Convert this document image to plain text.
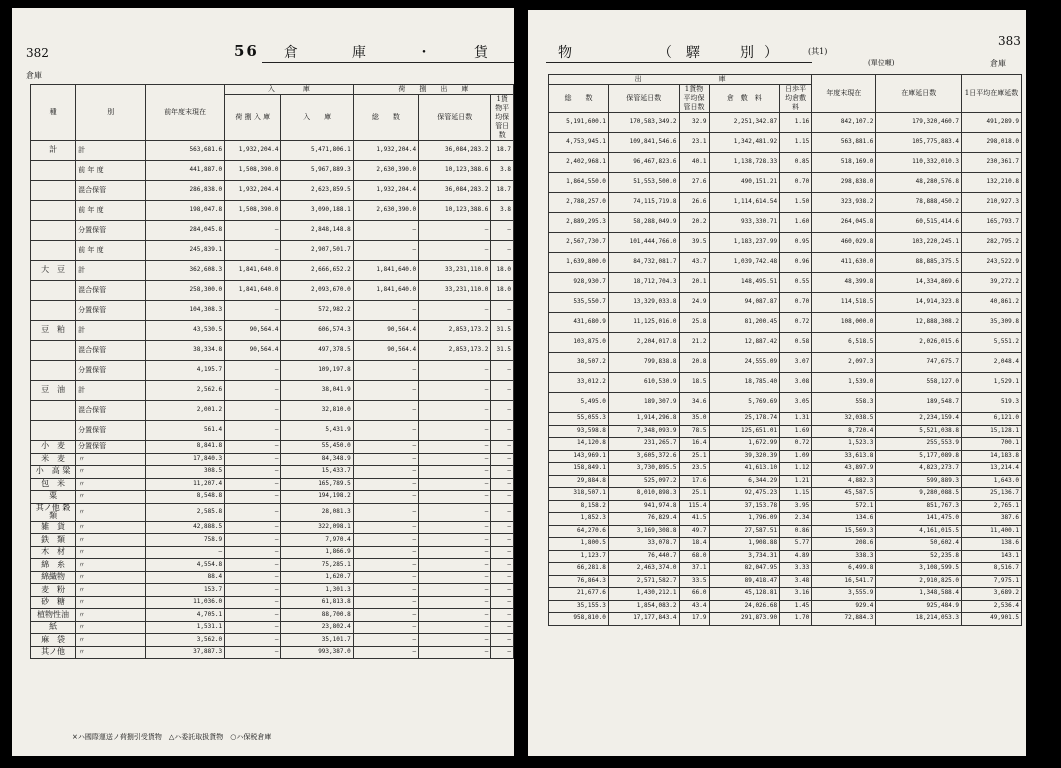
382	56 倉	庫	・	貨
倉庫
種	別	前年度末現在	入　　　　庫		荷　　捌　　出　　庫		
			荷 捌 入 庫	入　　庫	総　　数	保管延日数	1貨物平均保管日数
計	計	563,681.6	1,932,204.4	5,471,806.1	1,932,204.4	36,084,283.2	18.7
	前 年 度	441,887.0	1,508,390.0	5,967,889.3	2,630,390.0	10,123,388.6	3.8
	混合保管	286,838.0	1,932,204.4	2,623,859.5	1,932,204.4	36,084,283.2	18.7
	前 年 度	198,047.8	1,508,390.0	3,090,188.1	2,630,390.0	10,123,388.6	3.8
	分置保管	284,045.8	—	2,848,148.8	—	—	—
	前 年 度	245,839.1	—	2,907,501.7	—	—	—
大　豆	計	362,608.3	1,841,640.0	2,666,652.2	1,841,640.0	33,231,110.0	18.0
	混合保管	258,300.0	1,841,640.0	2,093,670.0	1,841,640.0	33,231,110.0	18.0
	分置保管	104,308.3	—	572,982.2	—	—	—
豆　粕	計	43,530.5	90,564.4	606,574.3	90,564.4	2,853,173.2	31.5
	混合保管	38,334.8	90,564.4	497,378.5	90,564.4	2,853,173.2	31.5
	分置保管	4,195.7	—	109,197.8	—	—	—
豆　油	計	2,562.6	—	38,041.9	—	—	—
	混合保管	2,001.2	—	32,810.0	—	—	—
	分置保管	561.4	—	5,431.9	—	—	—
小　麦	分置保管	8,841.8	—	55,450.0	—	—	—
米　麦	〃	17,840.3	—	84,348.9	—	—	—
小　高 粱	〃	308.5	—	15,433.7	—	—	—
包　米	〃	11,207.4	—	165,789.5	—	—	—
粟	〃	8,548.8	—	194,198.2	—	—	—
其ノ他 穀類	〃	2,585.8	—	28,081.3	—	—	—
雑　貨	〃	42,888.5	—	322,098.1	—	—	—
鉄　類	〃	758.9	—	7,970.4	—	—	—
木　材	〃	—	—	1,866.9	—	—	—
綿　糸	〃	4,554.8	—	75,285.1	—	—	—
綿織物	〃	88.4	—	1,620.7	—	—	—
麦　粉	〃	153.7	—	1,301.3	—	—	—
砂　糖	〃	11,036.0	—	61,813.8	—	—	—
植物性油	〃	4,705.1	—	88,700.8	—	—	—
紙	〃	1,531.1	—	23,802.4	—	—	—
麻　袋	〃	3,562.0	—	35,101.7	—	—	—
其ノ他	〃	37,887.3	—	993,387.0	—	—	—
×ハ國際運送ノ荷捌引受貨物　△ハ委託取扱貨物　○ハ保税倉庫
物	（ 驛	別 ）	(其1)
383
(單位噸)	倉庫
出　　　　　　　　　　　庫					年度末現在	在庫延日数	1日平均在庫延数
総　　数	保管延日数	1貨物平均保管日数	倉　敷　料	日歩平均倉敷料			
5,191,600.1	170,583,349.2	32.9	2,251,342.87	1.16	842,107.2	179,320,460.7	491,289.9
4,753,945.1	109,841,546.6	23.1	1,342,481.92	1.15	563,881.6	105,775,883.4	298,018.0
2,402,968.1	96,467,823.6	40.1	1,138,728.33	0.85	518,169.0	110,332,010.3	230,361.7
1,864,550.0	51,553,500.0	27.6	490,151.21	0.70	298,838.0	48,280,576.8	132,210.8
2,788,257.0	74,115,719.8	26.6	1,114,614.54	1.50	323,938.2	78,888,450.2	210,927.3
2,889,295.3	58,288,049.9	20.2	933,330.71	1.60	264,045.8	60,515,414.6	165,793.7
2,567,730.7	101,444,766.0	39.5	1,183,237.99	0.95	460,029.8	103,220,245.1	282,795.2
1,639,800.0	84,732,081.7	43.7	1,039,742.48	0.96	411,630.0	88,885,375.5	243,522.9
928,930.7	18,712,704.3	20.1	148,495.51	0.55	48,399.8	14,334,869.6	39,272.2
535,550.7	13,329,033.8	24.9	94,087.87	0.70	114,518.5	14,914,323.8	40,861.2
431,680.9	11,125,016.0	25.8	81,200.45	0.72	108,000.0	12,888,308.2	35,309.8
103,875.0	2,204,017.8	21.2	12,887.42	0.58	6,518.5	2,026,015.6	5,551.2
38,507.2	799,838.8	20.8	24,555.09	3.07	2,097.3	747,675.7	2,048.4
33,012.2	610,530.9	18.5	18,785.40	3.08	1,539.0	558,127.0	1,529.1
5,495.0	189,307.9	34.6	5,769.69	3.05	558.3	189,548.7	519.3
55,055.3	1,914,296.8	35.0	25,178.74	1.31	32,038.5	2,234,159.4	6,121.0
93,598.8	7,348,093.9	78.5	125,651.01	1.69	8,720.4	5,521,038.8	15,128.1
14,120.8	231,265.7	16.4	1,672.99	0.72	1,523.3	255,553.9	700.1
143,969.1	3,605,372.6	25.1	39,320.39	1.09	33,613.8	5,177,089.8	14,183.8
158,849.1	3,730,895.5	23.5	41,613.10	1.12	43,897.9	4,823,273.7	13,214.4
29,884.8	525,097.2	17.6	6,344.29	1.21	4,882.3	599,889.3	1,643.0
318,507.1	8,010,898.3	25.1	92,475.23	1.15	45,587.5	9,280,088.5	25,136.7
8,158.2	941,974.8	115.4	37,153.78	3.95	572.1	851,767.3	2,765.1
1,852.3	76,829.4	41.5	1,796.09	2.34	134.6	141,475.0	387.6
64,270.6	3,169,308.8	49.7	27,587.51	0.86	15,569.3	4,161,015.5	11,400.1
1,800.5	33,078.7	18.4	1,908.88	5.77	208.6	50,602.4	138.6
1,123.7	76,440.7	68.0	3,734.31	4.89	338.3	52,235.8	143.1
66,281.8	2,463,374.0	37.1	82,047.95	3.33	6,499.8	3,108,599.5	8,516.7
76,864.3	2,571,582.7	33.5	89,418.47	3.48	16,541.7	2,910,825.0	7,975.1
21,677.6	1,430,212.1	66.0	45,128.81	3.16	3,555.9	1,348,588.4	3,689.2
35,155.3	1,854,083.2	43.4	24,026.68	1.45	929.4	925,484.9	2,536.4
958,810.0	17,177,843.4	17.9	291,873.90	1.70	72,884.3	18,214,053.3	49,901.5
